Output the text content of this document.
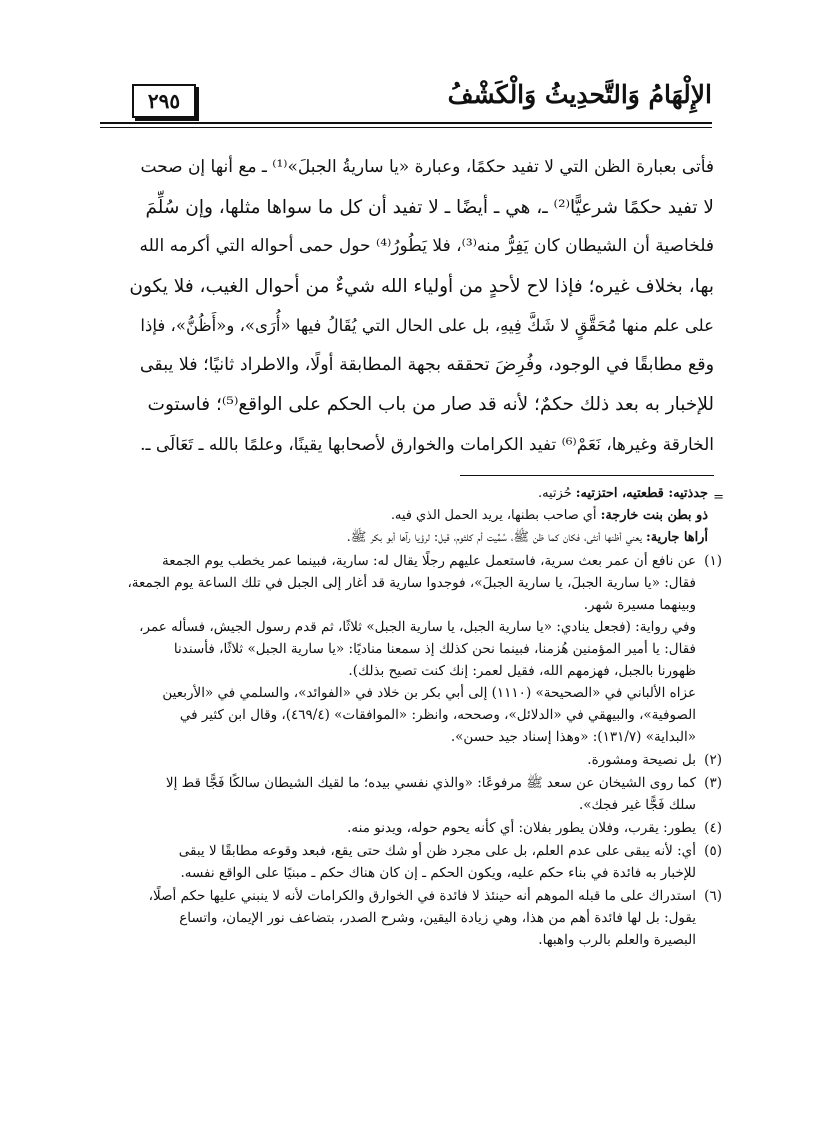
٢٩٥	الإِلْهَامُ وَالتَّحدِيثُ وَالْكَشْفُ
فأتى بعبارة الظن التي لا تفيد حكمًا، وعبارة «يا ساريةُ الجبلَ»⁽¹⁾ ـ مع أنها إن صحت
لا تفيد حكمًا شرعيًّا⁽²⁾ ـ، هي ـ أيضًا ـ لا تفيد أن كل ما سواها مثلها، وإن سُلِّمَ
فلخاصية أن الشيطان كان يَفِرُّ منه⁽³⁾، فلا يَطُورُ⁽⁴⁾ حول حمى أحواله التي أكرمه الله
بها، بخلاف غيره؛ فإذا لاح لأحدٍ من أولياء الله شيءٌ من أحوال الغيب، فلا يكون
على علم منها مُحَقَّقٍ لا شَكَّ فِيهِ، بل على الحال التي يُقَالُ فيها «أُرَى»، و«أَظُنُّ»، فإذا
وقع مطابقًا في الوجود، وفُرِضَ تحققه بجهة المطابقة أولًا، والاطراد ثانيًا؛ فلا يبقى
للإخبار به بعد ذلك حكمٌ؛ لأنه قد صار من باب الحكم على الواقع⁽⁵⁾؛ فاستوت
الخارقة وغيرها، نَعَمْ⁽⁶⁾ تفيد الكرامات والخوارق لأصحابها يقينًا، وعلمًا بالله ـ تَعَالَى ـ.
=
جدذتيه: قطعتيه، احتزتيه: حُزتيه.
ذو بطن بنت خارجة: أي صاحب بطنها، يريد الحمل الذي فيه.
أراها جارية: يعني أظنها أنثى، فكان كما ظن ﷺ، سُمِّيت أم كلثوم، قيل: لرؤيا رآها أبو بكر ﷺ.
(١)
عن نافع أن عمر بعث سرية، فاستعمل عليهم رجلًا يقال له: سارية، فبينما عمر يخطب يوم الجمعة
فقال: «يا سارية الجبلَ، يا سارية الجبلَ»، فوجدوا سارية قد أغار إلى الجبل في تلك الساعة يوم الجمعة،
وبينهما مسيرة شهر.
وفي رواية: (فجعل ينادي: «يا سارية الجبل، يا سارية الجبل» ثلاثًا، ثم قدم رسول الجيش، فسأله عمر،
فقال: يا أمير المؤمنين هُزمنا، فبينما نحن كذلك إذ سمعنا مناديًا: «يا سارية الجبل» ثلاثًا، فأسندنا
ظهورنا بالجبل، فهزمهم الله، فقيل لعمر: إنك كنت تصيح بذلك).
عزاه الألباني في «الصحيحة» (١١١٠) إلى أبي بكر بن خلاد في «الفوائد»، والسلمي في «الأربعين
الصوفية»، والبيهقي في «الدلائل»، وصححه، وانظر: «الموافقات» (٤٦٩/٤)، وقال ابن كثير في
«البداية» (١٣١/٧): «وهذا إسناد جيد حسن».
(٢)
بل نصيحة ومشورة.
(٣)
كما روى الشيخان عن سعد ﷺ مرفوعًا: «والذي نفسي بيده؛ ما لقيك الشيطان سالكًا فَجًّا قط إلا
سلك فَجًّا غير فجك».
(٤)
يطور: يقرب، وفلان يطور بفلان: أي كأنه يحوم حوله، ويدنو منه.
(٥)
أي: لأنه يبقى على عدم العلم، بل على مجرد ظن أو شك حتى يقع، فبعد وقوعه مطابقًا لا يبقى
للإخبار به فائدة في بناء حكم عليه، ويكون الحكم ـ إن كان هناك حكم ـ مبنيًا على الواقع نفسه.
(٦)
استدراك على ما قبله الموهم أنه حينئذ لا فائدة في الخوارق والكرامات لأنه لا ينبني عليها حكم أصلًا،
يقول: بل لها فائدة أهم من هذا، وهي زيادة اليقين، وشرح الصدر، بتضاعف نور الإيمان، واتساع
البصيرة والعلم بالرب واهبها.
